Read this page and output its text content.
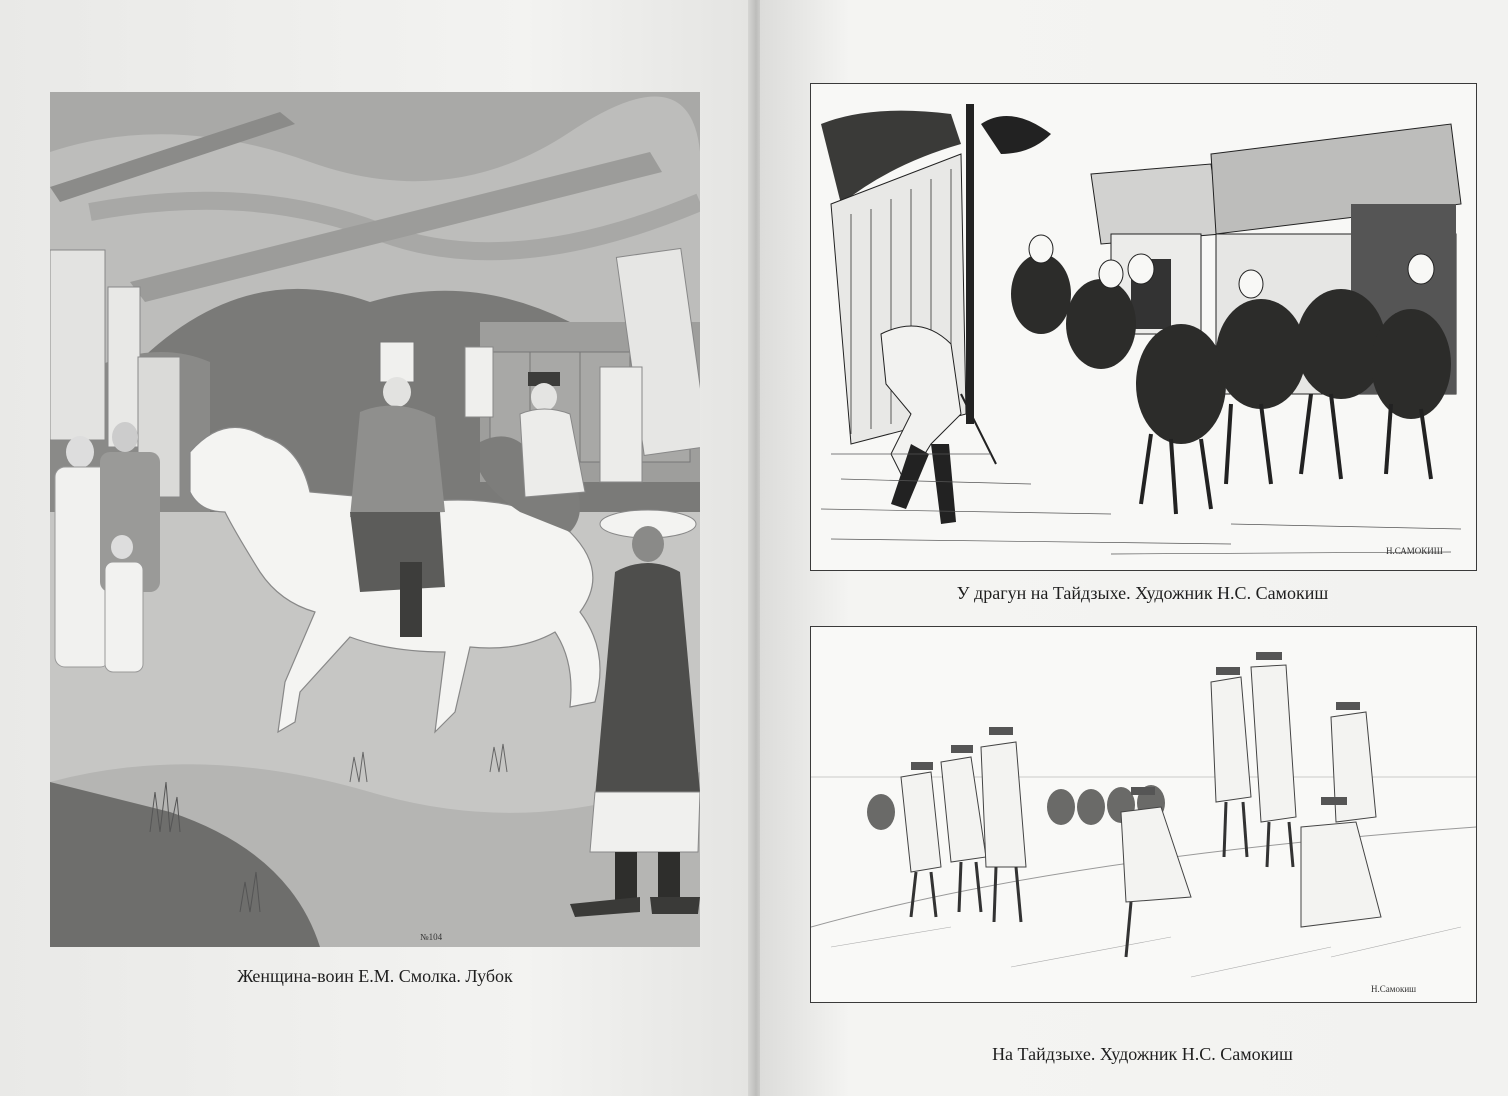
№104
Женщина-воин Е.М. Смолка. Лубок

Н.САМОКИШ
У драгун на Тайдзыхе. Художник Н.С. Самокиш
Н.Самокиш
На Тайдзыхе. Художник Н.С. Самокиш
